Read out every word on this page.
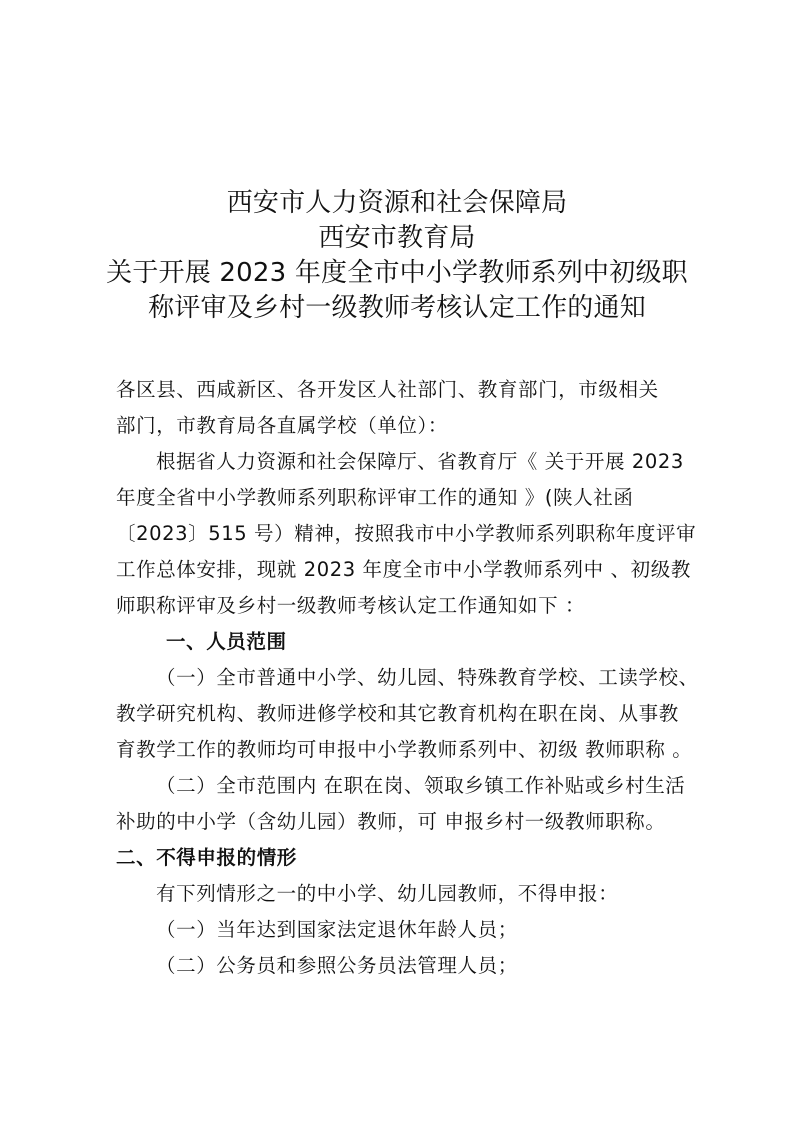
西安市人力资源和社会保障局
西安市教育局
关于开展 2023 年度全市中小学教师系列中初级职
称评审及乡村一级教师考核认定工作的通知
各区县、西咸新区、各开发区人社部门、教育部门，市级相关
部门，市教育局各直属学校（单位）：
根据省人力资源和社会保障厅、省教育厅《 关于开展 2023
年度全省中小学教师系列职称评审工作的通知 》(陕人社函
〔2023〕515 号）精神，按照我市中小学教师系列职称年度评审
工作总体安排，现就 2023 年度全市中小学教师系列中 、初级教
师职称评审及乡村一级教师考核认定工作通知如下 ：
一、人员范围
（一）全市普通中小学、幼儿园、特殊教育学校、工读学校、
教学研究机构、教师进修学校和其它教育机构在职在岗、从事教
育教学工作的教师均可申报中小学教师系列中、初级 教师职称 。
（二）全市范围内 在职在岗、领取乡镇工作补贴或乡村生活
补助的中小学（含幼儿园）教师，可 申报乡村一级教师职称。
二、不得申报的情形
有下列情形之一的中小学、幼儿园教师，不得申报：
（一）当年达到国家法定退休年龄人员；
（二）公务员和参照公务员法管理人员；
